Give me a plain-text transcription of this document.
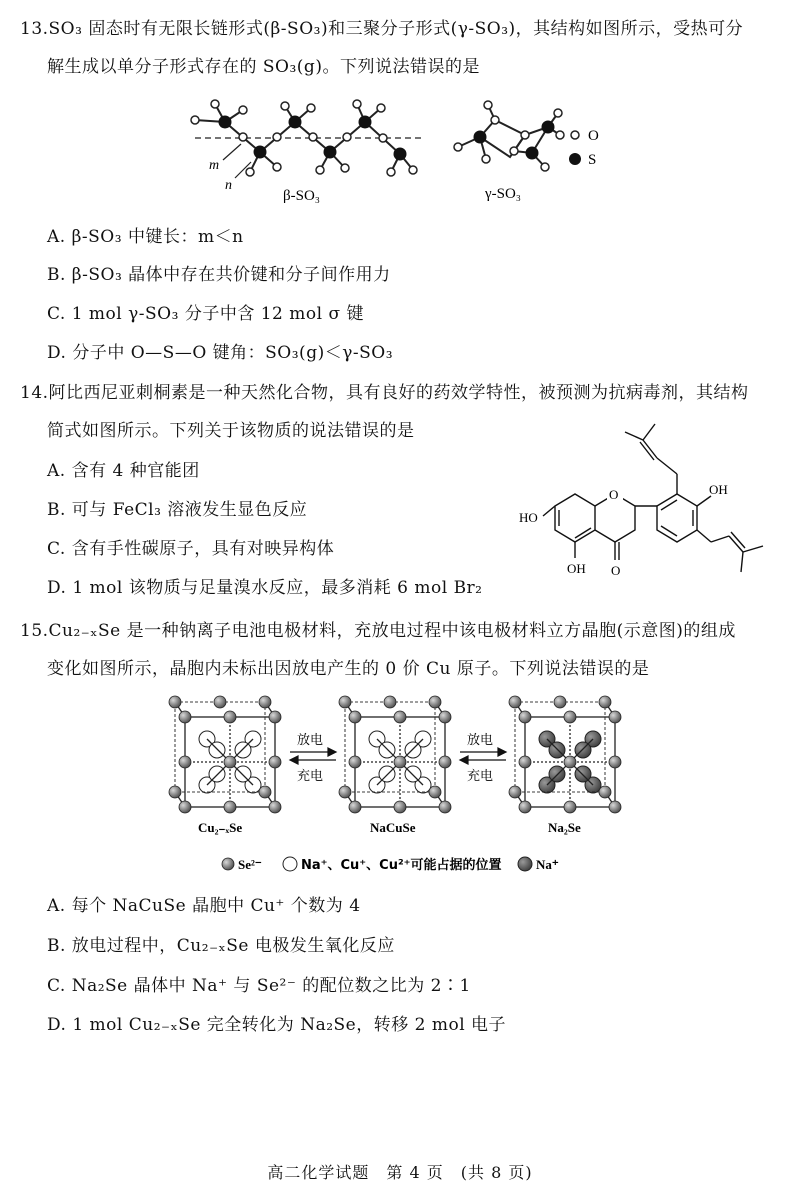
13.SO₃ 固态时有无限长链形式(β-SO₃)和三聚分子形式(γ-SO₃)，其结构如图所示，受热可分
解生成以单分子形式存在的 SO₃(g)。下列说法错误的是
m
n
β-SO₃
O
S
γ-SO₃
A. β-SO₃ 中键长：m＜n
B. β-SO₃ 晶体中存在共价键和分子间作用力
C. 1 mol γ-SO₃ 分子中含 12 mol σ 键
D. 分子中 O—S—O 键角：SO₃(g)＜γ-SO₃
14.阿比西尼亚刺桐素是一种天然化合物，具有良好的药效学特性，被预测为抗病毒剂，其结构
简式如图所示。下列关于该物质的说法错误的是
A. 含有 4 种官能团
B. 可与 FeCl₃ 溶液发生显色反应
C. 含有手性碳原子，具有对映异构体
D. 1 mol 该物质与足量溴水反应，最多消耗 6 mol Br₂
O
O
HO
OH
OH
15.Cu₂₋ₓSe 是一种钠离子电池电极材料，充放电过程中该电极材料立方晶胞(示意图)的组成
变化如图所示，晶胞内未标出因放电产生的 0 价 Cu 原子。下列说法错误的是
放电
充电
放电
充电
Cu₂₋ₓSe	NaCuSe	Na₂Se
Se²⁻	Na⁺、Cu⁺、Cu²⁺可能占据的位置	Na⁺
A. 每个 NaCuSe 晶胞中 Cu⁺ 个数为 4
B. 放电过程中，Cu₂₋ₓSe 电极发生氧化反应
C. Na₂Se 晶体中 Na⁺ 与 Se²⁻ 的配位数之比为 2∶1
D. 1 mol Cu₂₋ₓSe 完全转化为 Na₂Se，转移 2 mol 电子
高二化学试题　第 4 页　(共 8 页)
